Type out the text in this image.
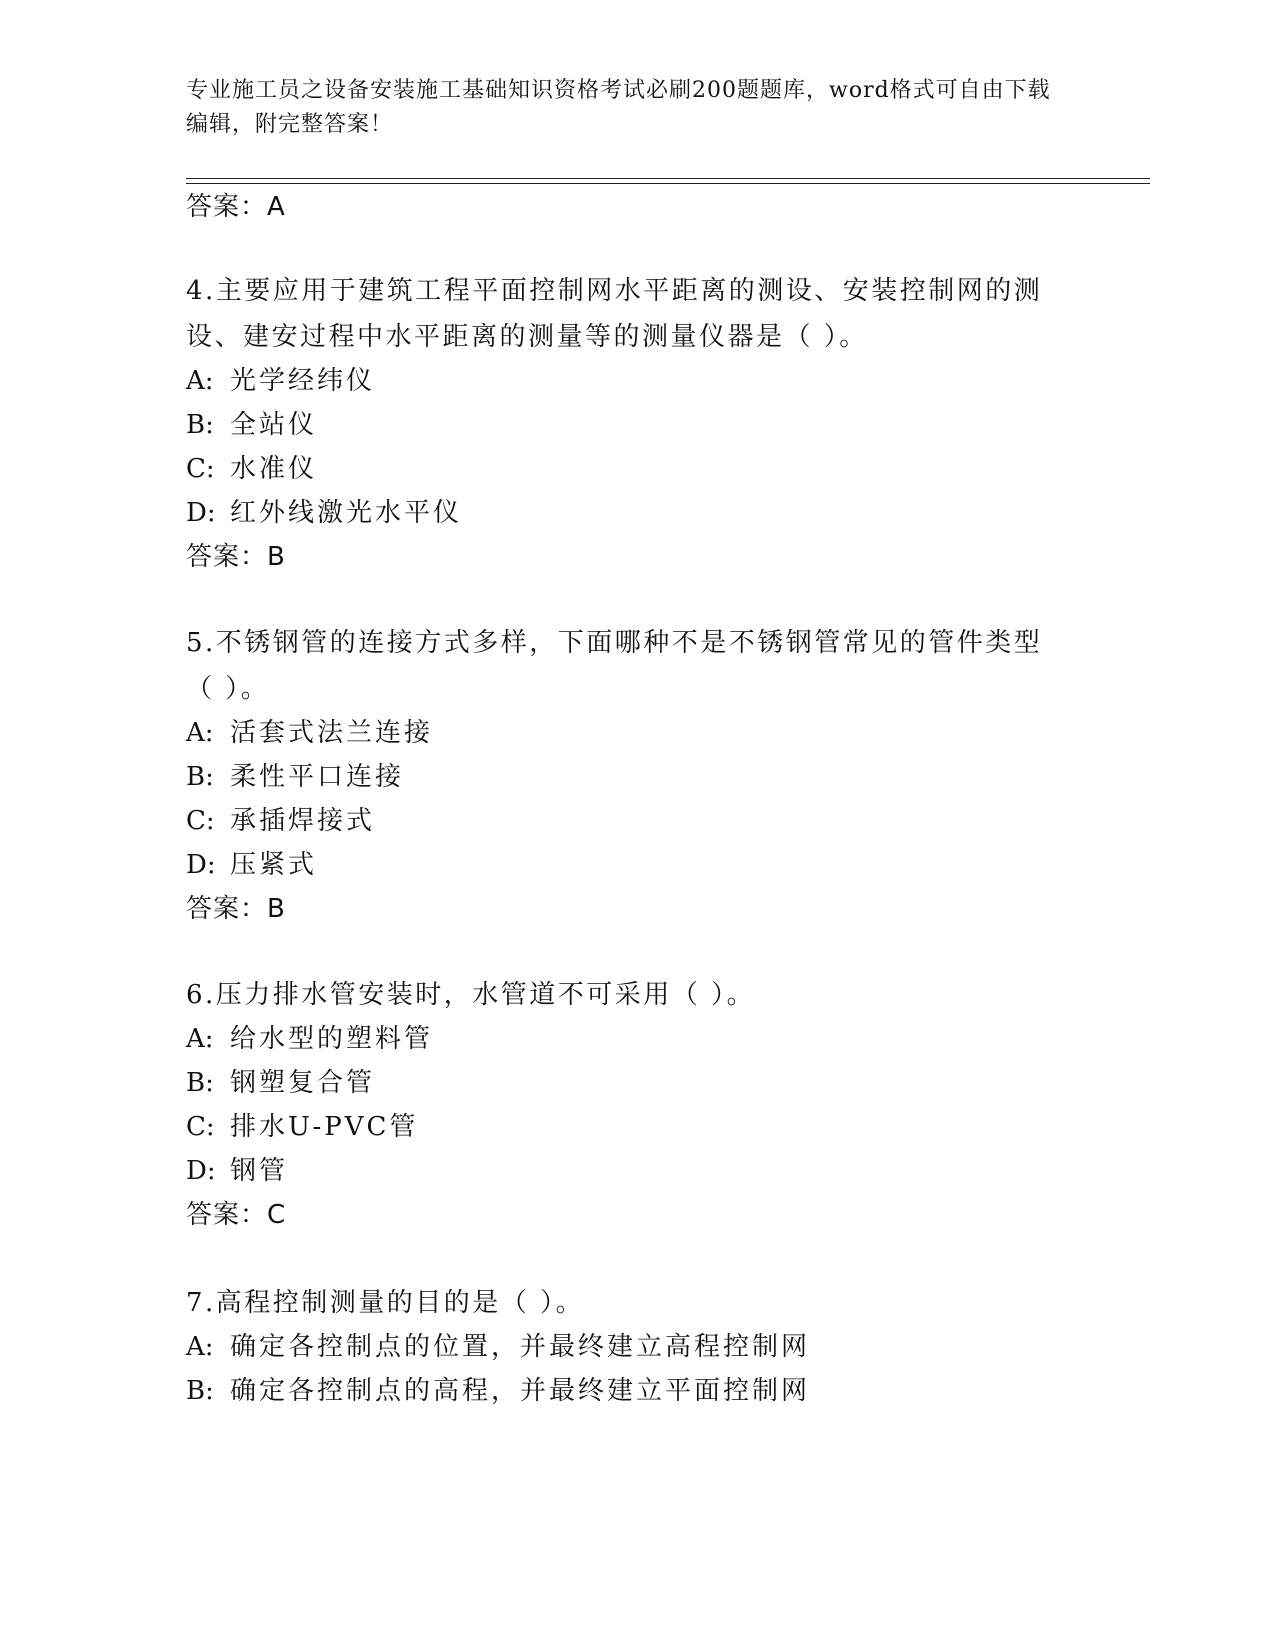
专业施工员之设备安装施工基础知识资格考试必刷200题题库，word格式可自由下载编辑，附完整答案！
答案：A
4.主要应用于建筑工程平面控制网水平距离的测设、安装控制网的测设、建安过程中水平距离的测量等的测量仪器是（ ）。
A: 光学经纬仪
B: 全站仪
C: 水准仪
D: 红外线激光水平仪
答案：B
5.不锈钢管的连接方式多样，下面哪种不是不锈钢管常见的管件类型（ ）。
A: 活套式法兰连接
B: 柔性平口连接
C: 承插焊接式
D: 压紧式
答案：B
6.压力排水管安装时，水管道不可采用（ ）。
A: 给水型的塑料管
B: 钢塑复合管
C: 排水U-PVC管
D: 钢管
答案：C
7.高程控制测量的目的是（ ）。
A: 确定各控制点的位置，并最终建立高程控制网
B: 确定各控制点的高程，并最终建立平面控制网
